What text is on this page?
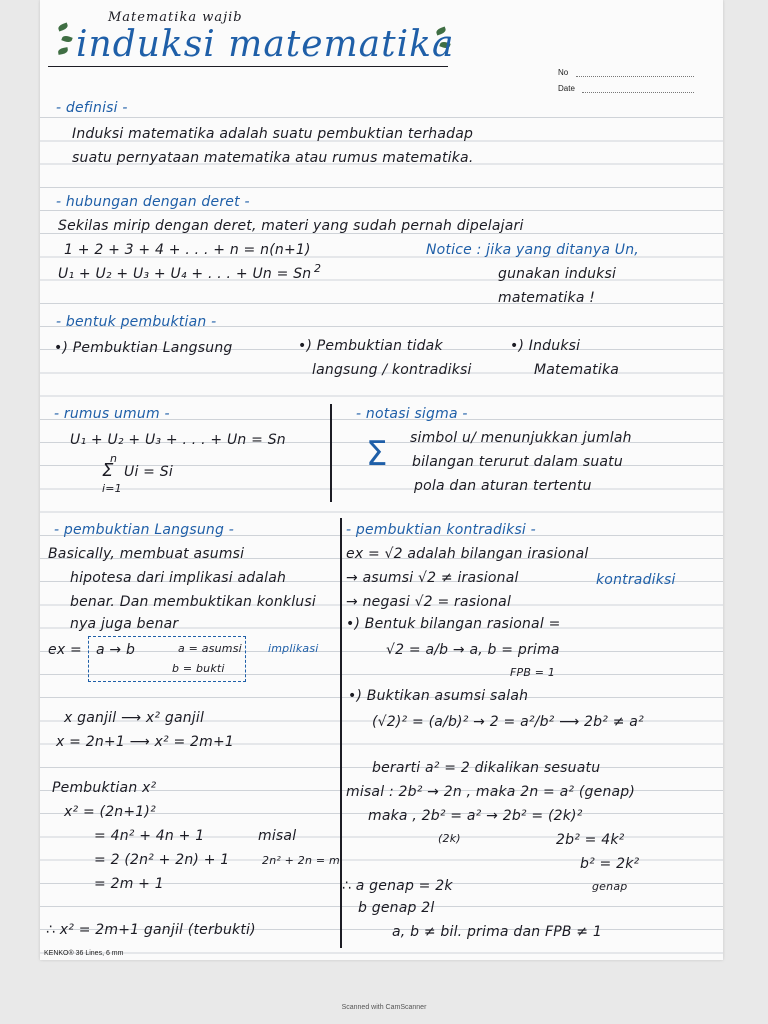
Matematika wajib
induksi matematika
No
Date
- definisi -
Induksi matematika adalah suatu pembuktian terhadap
suatu pernyataan matematika atau rumus matematika.
- hubungan dengan deret -
Sekilas mirip dengan deret, materi yang sudah pernah dipelajari
1 + 2 + 3 + 4 + . . . + n = n(n+1)
2
U₁ + U₂ + U₃ + U₄ + . . . + Un = Sn
Notice : jika yang ditanya Un,
gunakan induksi
matematika !
- bentuk pembuktian -
•) Pembuktian Langsung	•) Pembuktian tidak
langsung / kontradiksi
•) Induksi
Matematika
- rumus umum -
U₁ + U₂ + U₃ + . . . + Un = Sn
n
Σ Ui = Si
i=1
- notasi sigma -
Σ simbol u/ menunjukkan jumlah
bilangan terurut dalam suatu
pola dan aturan tertentu
- pembuktian Langsung -
Basically, membuat asumsi
hipotesa dari implikasi adalah
benar. Dan membuktikan konklusi
nya juga benar
ex = a → b	a = asumsi
b = bukti
implikasi
x ganjil ⟶ x² ganjil
x = 2n+1 ⟶ x² = 2m+1
Pembuktian x²
x² = (2n+1)²
= 4n² + 4n + 1	misal
= 2 (2n² + 2n) + 1	2n² + 2n = m
= 2m + 1
∴ x² = 2m+1 ganjil (terbukti)
- pembuktian kontradiksi -
ex = √2 adalah bilangan irasional
→ asumsi √2 ≠ irasional
→ negasi √2 = rasional
kontradiksi
•) Bentuk bilangan rasional =
√2 = a/b → a, b = prima
FPB = 1
•) Buktikan asumsi salah
(√2)² = (a/b)² → 2 = a²/b² ⟶ 2b² ≠ a²
berarti a² = 2 dikalikan sesuatu
misal : 2b² → 2n , maka 2n = a² (genap)
maka , 2b² = a² → 2b² = (2k)²
(2k)	2b² = 4k²
b² = 2k²
genap
∴ a genap = 2k
b genap 2l
a, b ≠ bil. prima dan FPB ≠ 1
KENKO® 36 Lines, 6 mm
Scanned with CamScanner
